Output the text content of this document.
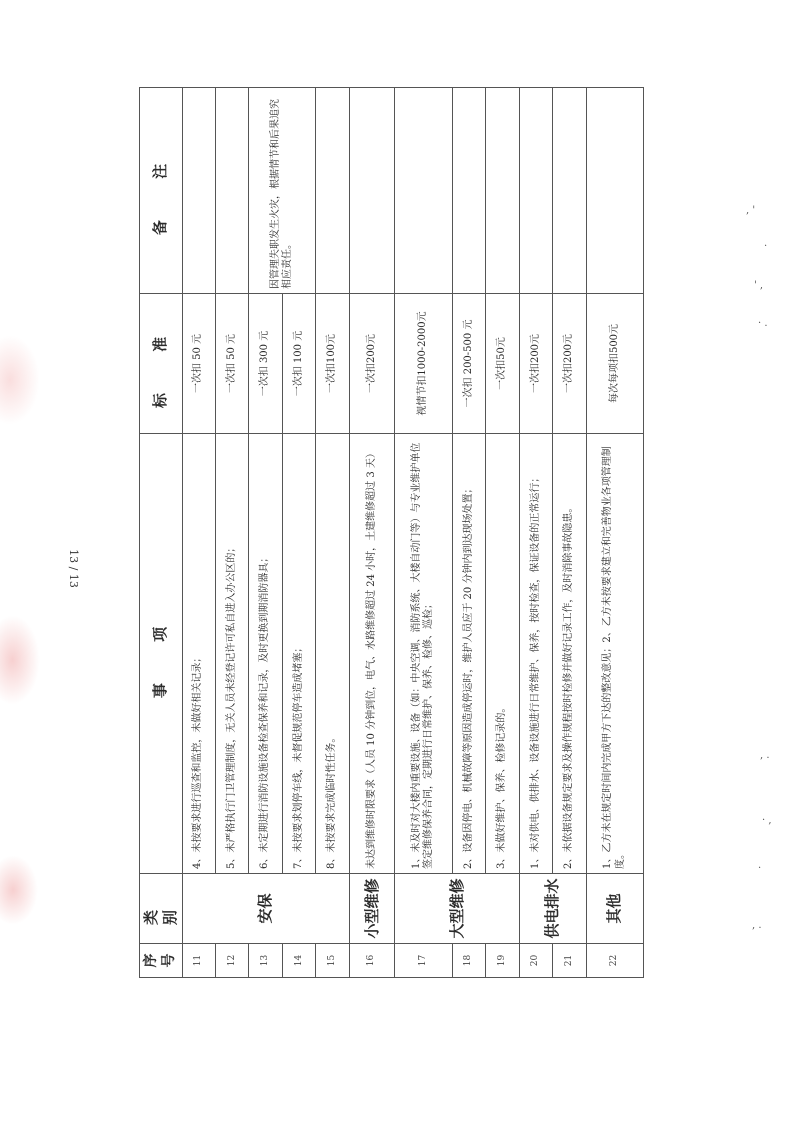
序号	类别	事 项	标 准	备 注
11	安保	4、未按要求进行巡查和监控，未做好相关记录；	一次扣 50 元	
12		5、未严格执行门卫管理制度，无关人员未经登记许可私自进入办公区的；	一次扣 50 元	
13		6、未定期进行消防设施设备检查保养和记录，及时更换到期消防器具；	一次扣 300 元	因管理失职发生火灾，根据情节和后果追究相应责任。
14		7、未按要求划停车线，未督促规范停车造成堵塞；	一次扣 100 元	
15		8、未按要求完成临时性任务。	一次扣100元	
16	小型维修	未达到维修时限要求（人员 10 分钟到位，电气、水路维修超过 24 小时，土建维修超过 3 天）	一次扣200元	
17	大型维修	1、未及时对大楼内重要设施、设备（如：中央空调、消防系统、大楼自动门等）与专业维护单位签定维修保养合同，定期进行日常维护、保养、检修、巡检；	视情节扣1000-2000元	
18		2、设备因停电、机械故障等原因造成停运时，维护人员应于 20 分钟内到达现场处置；	一次扣 200-500 元	
19		3、未做好维护、保养、检修记录的。	一次扣50元	
20	供电排水	1、未对供电、供排水、设备设施进行日常维护、保养，按时检查，保证设备的正常运行；	一次扣200元	
21		2、未依据设备规定要求及操作规程按时检修并做好记录工作，及时消除事故隐患。	一次扣200元	
22	其他	1、乙方未在规定时间内完成甲方下达的整改意见；2、乙方未按要求建立和完善物业各项管理制度。	每次每项扣500元	
13 / 13
, '
.
' ,
· .
, .
· ,
.
, .
